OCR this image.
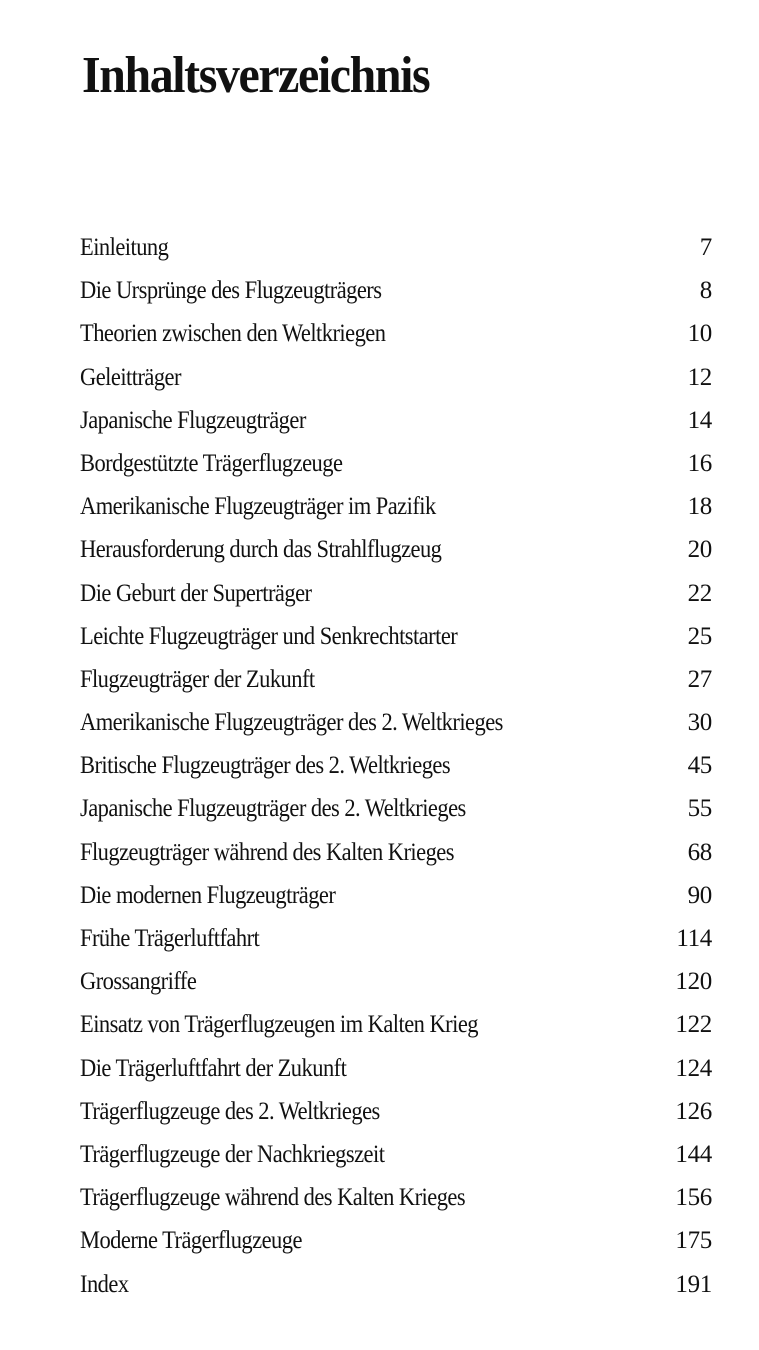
Inhaltsverzeichnis
Einleitung	7
Die Ursprünge des Flugzeugträgers	8
Theorien zwischen den Weltkriegen	10
Geleitträger	12
Japanische Flugzeugträger	14
Bordgestützte Trägerflugzeuge	16
Amerikanische Flugzeugträger im Pazifik	18
Herausforderung durch das Strahlflugzeug	20
Die Geburt der Superträger	22
Leichte Flugzeugträger und Senkrechtstarter	25
Flugzeugträger der Zukunft	27
Amerikanische Flugzeugträger des 2. Weltkrieges	30
Britische Flugzeugträger des 2. Weltkrieges	45
Japanische Flugzeugträger des 2. Weltkrieges	55
Flugzeugträger während des Kalten Krieges	68
Die modernen Flugzeugträger	90
Frühe Trägerluftfahrt	114
Grossangriffe	120
Einsatz von Trägerflugzeugen im Kalten Krieg	122
Die Trägerluftfahrt der Zukunft	124
Trägerflugzeuge des 2. Weltkrieges	126
Trägerflugzeuge der Nachkriegszeit	144
Trägerflugzeuge während des Kalten Krieges	156
Moderne Trägerflugzeuge	175
Index	191
